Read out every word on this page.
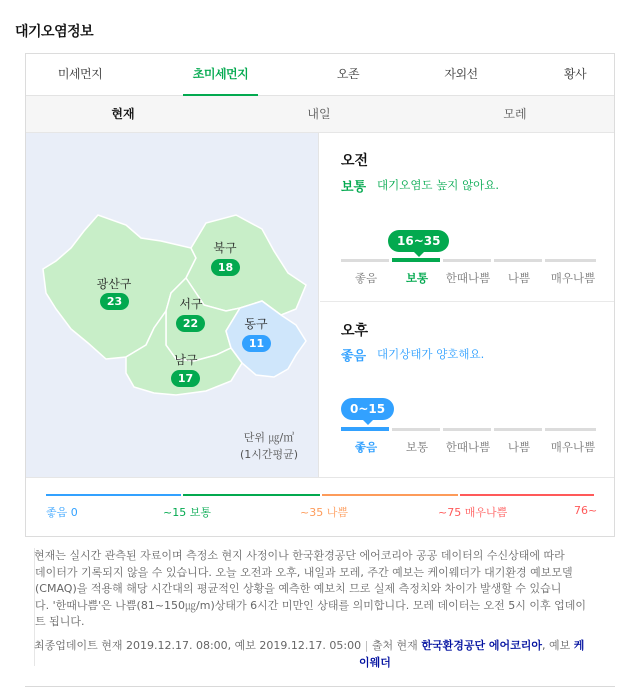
대기오염정보
미세먼지	초미세먼지	오존	자외선	황사
현재	내일	모레
광산구
23
북구
18
서구
22	동구
11
남구
17
단위 ㎍/㎥
(1시간평균)
오전
보통 대기오염도 높지 않아요.
16~35
좋음	보통	한때나쁨	나쁨	매우나쁨
오후
좋음 대기상태가 양호해요.
0~15
좋음	보통	한때나쁨	나쁨	매우나쁨
좋음 0	~15 보통	~35 나쁨	~75 매우나쁨	76~
현재는 실시간 관측된 자료이며 측정소 현지 사정이나 한국환경공단 에어코리아 공공 데이터의 수신상태에 따라
데이터가 기록되지 않을 수 있습니다. 오늘 오전과 오후, 내일과 모레, 주간 예보는 케이웨더가 대기환경 예보모델
(CMAQ)을 적용해 해당 시간대의 평균적인 상황을 예측한 예보치 므로 실제 측정치와 차이가 발생할 수 있습니
다. '한때나쁨'은 나쁨(81~150㎍/m)상태가 6시간 미만인 상태를 의미합니다. 모레 데이터는 오전 5시 이후 업데이
트 됩니다.
최종업데이트 현재 2019.12.17. 08:00, 예보 2019.12.17. 05:00 | 출처 현재 한국환경공단 에어코리아, 예보 케
이웨더
